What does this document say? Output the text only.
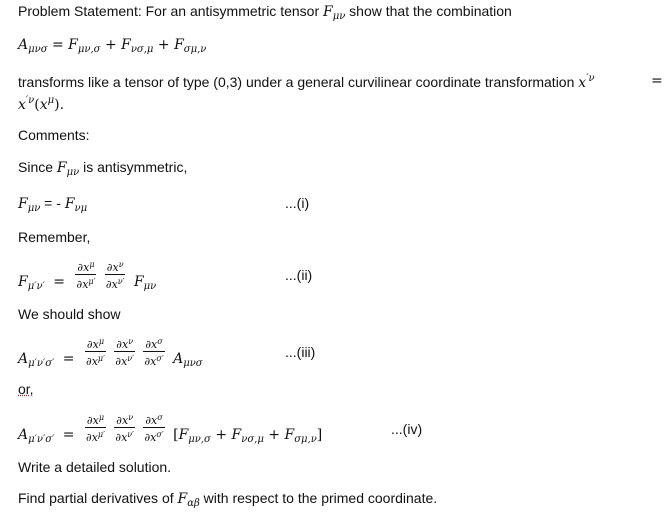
Problem Statement: For an antisymmetric tensor $F_{\mu\nu}$ show that the combination
$A_{\mu\nu\sigma} = F_{\mu\nu,\sigma} + F_{\nu\sigma,\mu} + F_{\sigma\mu,\nu}$
transforms like a tensor of type (0,3) under a general curvilinear coordinate transformation $x^{'\nu}$	=
$x^{'\nu}(x^\mu)$.
Comments:
Since $F_{\mu\nu}$ is antisymmetric,
$F_{\mu\nu}$ = - $F_{\nu\mu}$	...(i)
Remember,
$F_{\mu'\nu'} = \frac{\partial x^\mu}{\partial x^{\mu'}}$
$\frac{\partial x^\nu}{\partial x^{\nu'}} F_{\mu\nu}$
...(ii)
We should show
$A_{\mu'\nu'\sigma'} = \frac{\partial x^\mu}{\partial x^{\mu'}}$
$\frac{\partial x^\nu}{\partial x^{\nu'}}$
$\frac{\partial x^\sigma}{\partial x^{\sigma'}} A_{\mu\nu\sigma}$
...(iii)
or,
$A_{\mu'\nu'\sigma'} = \frac{\partial x^\mu}{\partial x^{\mu'}}$
$\frac{\partial x^\nu}{\partial x^{\nu'}}$
$\frac{\partial x^\sigma}{\partial x^{\sigma'}} [F_{\mu\nu,\sigma} + F_{\nu\sigma,\mu} + F_{\sigma\mu,\nu}]$	...(iv)
Write a detailed solution.
Find partial derivatives of $F_{\alpha\beta}$ with respect to the primed coordinate.
